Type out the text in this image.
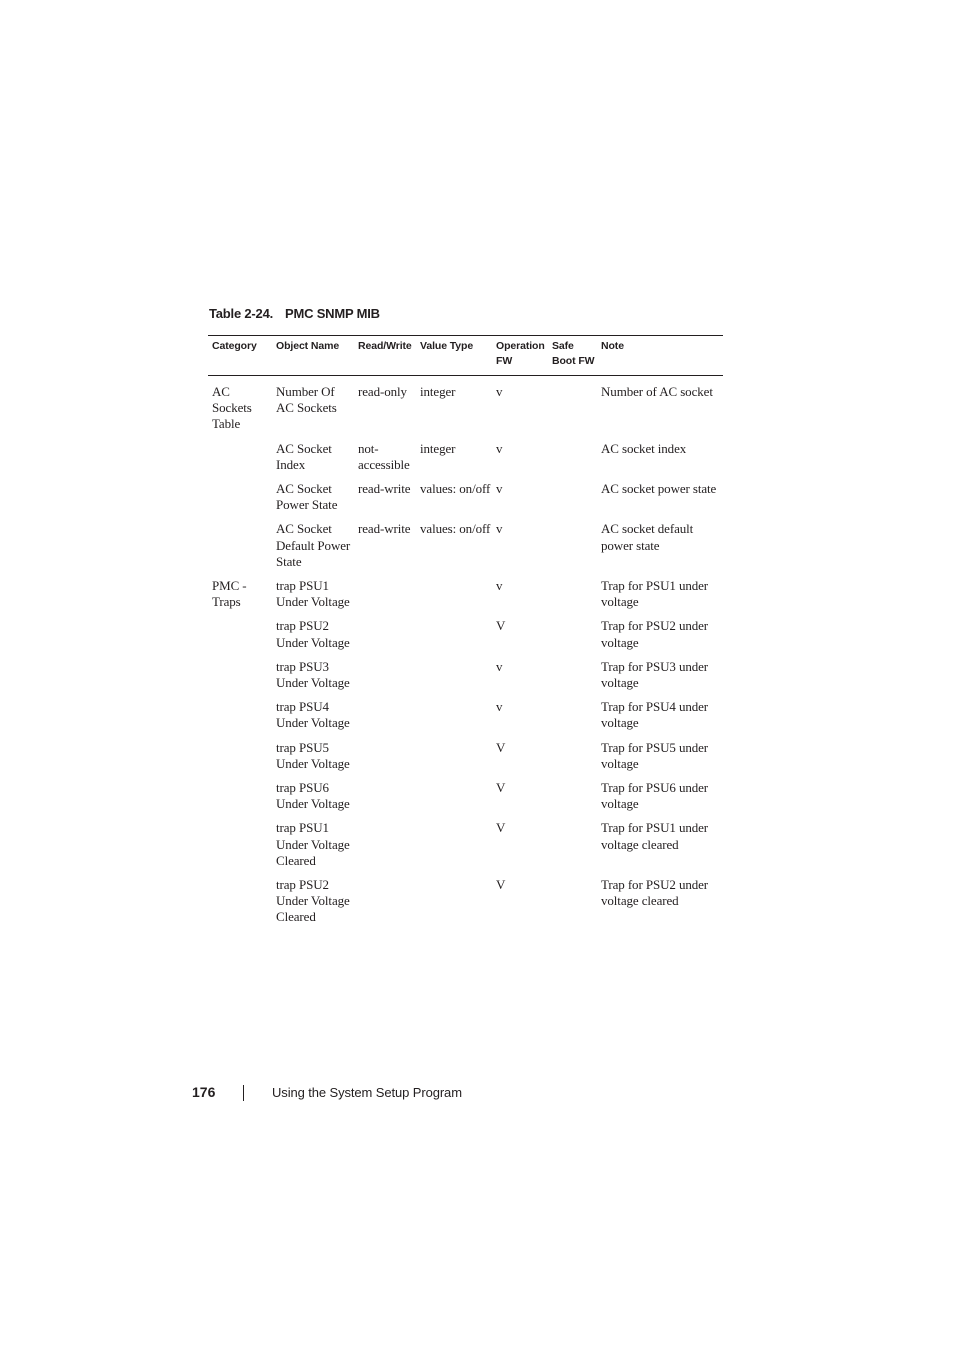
Table 2-24. PMC SNMP MIB
Category	Object Name	Read/Write	Value Type	Operation FW	Safe Boot FW	Note
AC Sockets Table	Number Of AC Sockets	read-only	integer	v		Number of AC socket
	AC Socket Index	not-accessible	integer	v		AC socket index
	AC Socket Power State	read-write	values: on/off	v		AC socket power state
	AC Socket Default Power State	read-write	values: on/off	v		AC socket default power state
PMC - Traps	trap PSU1 Under Voltage			v		Trap for PSU1 under voltage
	trap PSU2 Under Voltage			V		Trap for PSU2 under voltage
	trap PSU3 Under Voltage			v		Trap for PSU3 under voltage
	trap PSU4 Under Voltage			v		Trap for PSU4 under voltage
	trap PSU5 Under Voltage			V		Trap for PSU5 under voltage
	trap PSU6 Under Voltage			V		Trap for PSU6 under voltage
	trap PSU1 Under Voltage Cleared			V		Trap for PSU1 under voltage cleared
	trap PSU2 Under Voltage Cleared			V		Trap for PSU2 under voltage cleared
176	Using the System Setup Program
